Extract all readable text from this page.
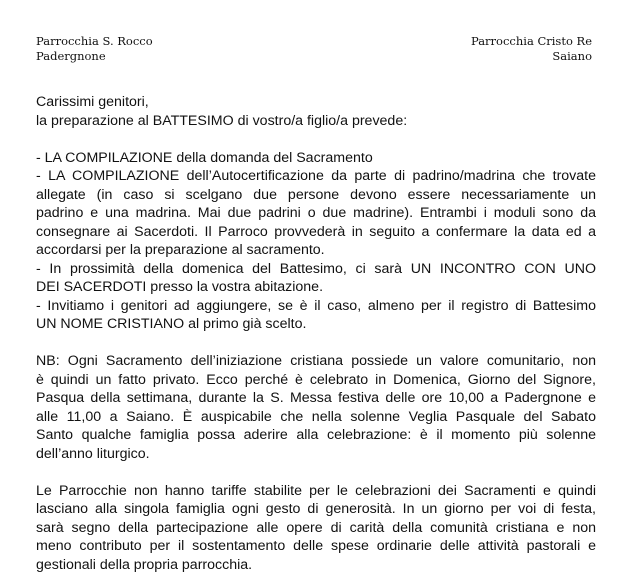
Parrocchia S. Rocco
Padergnone
Parrocchia Cristo Re
Saiano
Carissimi genitori,
la preparazione al BATTESIMO di vostro/a figlio/a prevede:
- LA COMPILAZIONE della domanda del Sacramento
- LA COMPILAZIONE dell’Autocertificazione da parte di padrino/madrina che trovate
allegate (in caso si scelgano due persone devono essere necessariamente un
padrino e una madrina. Mai due padrini o due madrine). Entrambi i moduli sono da
consegnare ai Sacerdoti. Il Parroco provvederà in seguito a confermare la data ed a
accordarsi per la preparazione al sacramento.
- In prossimità della domenica del Battesimo, ci sarà UN INCONTRO CON UNO
DEI SACERDOTI presso la vostra abitazione.
- Invitiamo i genitori ad aggiungere, se è il caso, almeno per il registro di Battesimo
UN NOME CRISTIANO al primo già scelto.
NB: Ogni Sacramento dell’iniziazione cristiana possiede un valore comunitario, non
è quindi un fatto privato. Ecco perché è celebrato in Domenica, Giorno del Signore,
Pasqua della settimana, durante la S. Messa festiva delle ore 10,00 a Padergnone e
alle 11,00 a Saiano. È auspicabile che nella solenne Veglia Pasquale del Sabato
Santo qualche famiglia possa aderire alla celebrazione: è il momento più solenne
dell’anno liturgico.
Le Parrocchie non hanno tariffe stabilite per le celebrazioni dei Sacramenti e quindi
lasciano alla singola famiglia ogni gesto di generosità. In un giorno per voi di festa,
sarà segno della partecipazione alle opere di carità della comunità cristiana e non
meno contributo per il sostentamento delle spese ordinarie delle attività pastorali e
gestionali della propria parrocchia.
